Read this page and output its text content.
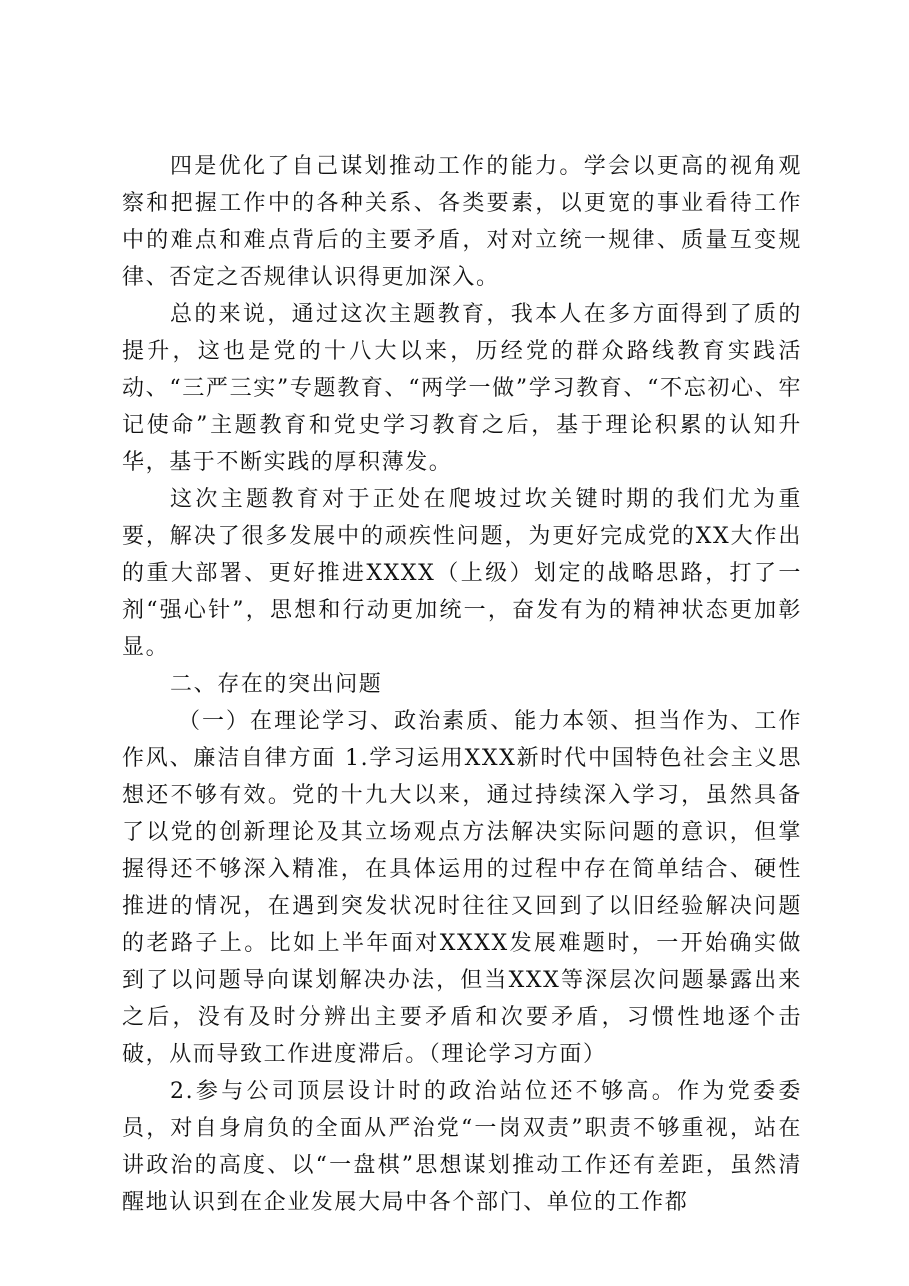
四是优化了自己谋划推动工作的能力。学会以更高的视角观察和把握工作中的各种关系、各类要素，以更宽的事业看待工作中的难点和难点背后的主要矛盾，对对立统一规律、质量互变规律、否定之否规律认识得更加深入。

总的来说，通过这次主题教育，我本人在多方面得到了质的提升，这也是党的十八大以来，历经党的群众路线教育实践活动、“三严三实”专题教育、“两学一做”学习教育、“不忘初心、牢记使命”主题教育和党史学习教育之后，基于理论积累的认知升华，基于不断实践的厚积薄发。

这次主题教育对于正处在爬坡过坎关键时期的我们尤为重要，解决了很多发展中的顽疾性问题，为更好完成党的XX大作出的重大部署、更好推进XXXX（上级）划定的战略思路，打了一剂“强心针”，思想和行动更加统一，奋发有为的精神状态更加彰显。

二、存在的突出问题

（一）在理论学习、政治素质、能力本领、担当作为、工作作风、廉洁自律方面 1.学习运用XXX新时代中国特色社会主义思想还不够有效。党的十九大以来，通过持续深入学习，虽然具备了以党的创新理论及其立场观点方法解决实际问题的意识，但掌握得还不够深入精准，在具体运用的过程中存在简单结合、硬性推进的情况，在遇到突发状况时往往又回到了以旧经验解决问题的老路子上。比如上半年面对XXXX发展难题时，一开始确实做到了以问题导向谋划解决办法，但当XXX等深层次问题暴露出来之后，没有及时分辨出主要矛盾和次要矛盾，习惯性地逐个击破，从而导致工作进度滞后。（理论学习方面）

2.参与公司顶层设计时的政治站位还不够高。作为党委委员，对自身肩负的全面从严治党“一岗双责”职责不够重视，站在讲政治的高度、以“一盘棋”思想谋划推动工作还有差距，虽然清醒地认识到在企业发展大局中各个部门、单位的工作都
